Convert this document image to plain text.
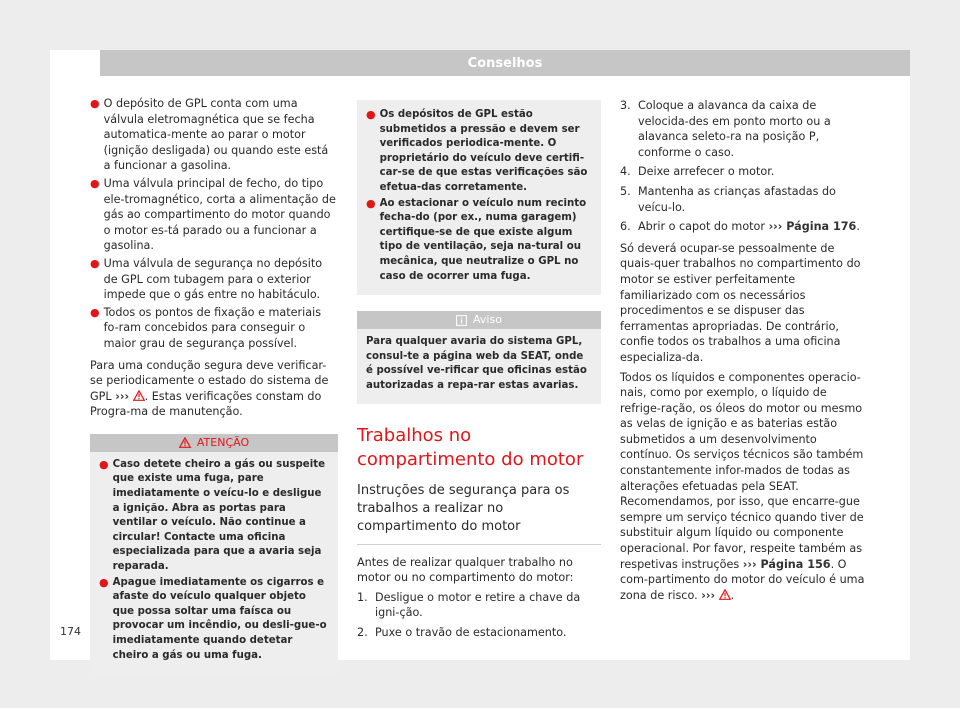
Conselhos
● O depósito de GPL conta com uma válvula eletromagnética que se fecha automatica-mente ao parar o motor (ignição desligada) ou quando este está a funcionar a gasolina.
● Uma válvula principal de fecho, do tipo ele-tromagnético, corta a alimentação de gás ao compartimento do motor quando o motor es-tá parado ou a funcionar a gasolina.
● Uma válvula de segurança no depósito de GPL com tubagem para o exterior impede que o gás entre no habitáculo.
● Todos os pontos de fixação e materiais fo-ram concebidos para conseguir o maior grau de segurança possível.

Para uma condução segura deve verificar-se periodicamente o estado do sistema de GPL ››› . Estas verificações constam do Progra-ma de manutenção.

ATENÇÃO
● Caso detete cheiro a gás ou suspeite que existe uma fuga, pare imediatamente o veícu-lo e desligue a ignição. Abra as portas para ventilar o veículo. Não continue a circular! Contacte uma oficina especializada para que a avaria seja reparada.
● Apague imediatamente os cigarros e afaste do veículo qualquer objeto que possa soltar uma faísca ou provocar um incêndio, ou desli-gue-o imediatamente quando detetar cheiro a gás ou uma fuga.
● Os depósitos de GPL estão submetidos a pressão e devem ser verificados periodica-mente. O proprietário do veículo deve certifi-car-se de que estas verificações são efetua-das corretamente.
● Ao estacionar o veículo num recinto fecha-do (por ex., numa garagem) certifique-se de que existe algum tipo de ventilação, seja na-tural ou mecânica, que neutralize o GPL no caso de ocorrer uma fuga.
Aviso
Para qualquer avaria do sistema GPL, consul-te a página web da SEAT, onde é possível ve-rificar que oficinas estão autorizadas a repa-rar estas avarias.
Trabalhos no compartimento do motor
Instruções de segurança para os trabalhos a realizar no compartimento do motor

Antes de realizar qualquer trabalho no motor ou no compartimento do motor:

1. Desligue o motor e retire a chave da igni-ção.
2. Puxe o travão de estacionamento.
3. Coloque a alavanca da caixa de velocida-des em ponto morto ou a alavanca seleto-ra na posição P, conforme o caso.
4. Deixe arrefecer o motor.
5. Mantenha as crianças afastadas do veícu-lo.
6. Abrir o capot do motor ››› Página 176.

Só deverá ocupar-se pessoalmente de quais-quer trabalhos no compartimento do motor se estiver perfeitamente familiarizado com os necessários procedimentos e se dispuser das ferramentas apropriadas. De contrário, confie todos os trabalhos a uma oficina especializa-da.

Todos os líquidos e componentes operacio-nais, como por exemplo, o líquido de refrige-ração, os óleos do motor ou mesmo as velas de ignição e as baterias estão submetidos a um desenvolvimento contínuo. Os serviços técnicos são também constantemente infor-mados de todas as alterações efetuadas pela SEAT. Recomendamos, por isso, que encarre-gue sempre um serviço técnico quando tiver de substituir algum líquido ou componente operacional. Por favor, respeite também as respetivas instruções ››› Página 156. O com-partimento do motor do veículo é uma zona de risco. ››› .

174
